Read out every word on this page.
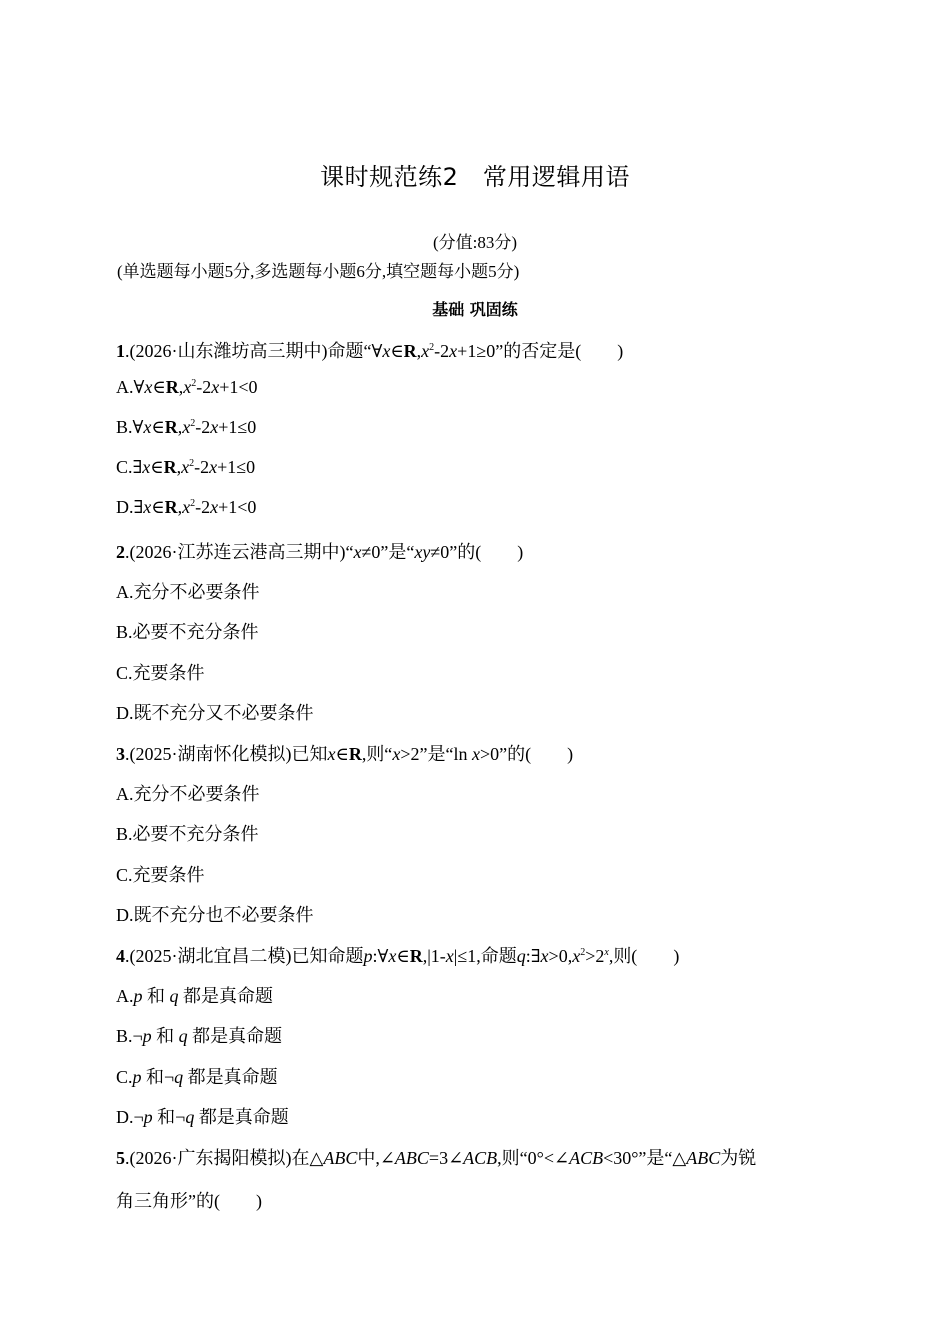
课时规范练2　常用逻辑用语
(分值:83分)
(单选题每小题5分,多选题每小题6分,填空题每小题5分)
基础 巩固练
1.(2026·山东潍坊高三期中)命题“$\forall x\in R,x^2-2x+1\ge 0$”的否定是( )
$A.\forall x\in R,x^2-2x+1<0$
$B.\forall x\in R,x^2-2x+1\le 0$
$C.\exists x\in R,x^2-2x+1\le 0$
$D.\exists x\in R,x^2-2x+1<0$
2.(2026·江苏连云港高三期中)“x≠0”是“xy≠0”的( )
A.充分不必要条件
B.必要不充分条件
C.充要条件
D.既不充分又不必要条件
3.(2025·湖南怀化模拟)已知x∈R,则“x>2”是“ln x>0”的( )
A.充分不必要条件
B.必要不充分条件
C.充要条件
D.既不充分也不必要条件
4.(2025·湖北宜昌二模)已知命题p:∀x∈R,|1-x|≤1,命题$q:\exists x>0,x^2>2^x$,则( )
A.p 和 q 都是真命题
B.¬p 和 q 都是真命题
C.p 和¬q 都是真命题
D.¬p 和¬q 都是真命题
5.(2026·广东揭阳模拟)在△ABC中,∠ABC=3∠ACB,则“0°<∠ACB<30°”是“△ABC为锐
角三角形”的( )
